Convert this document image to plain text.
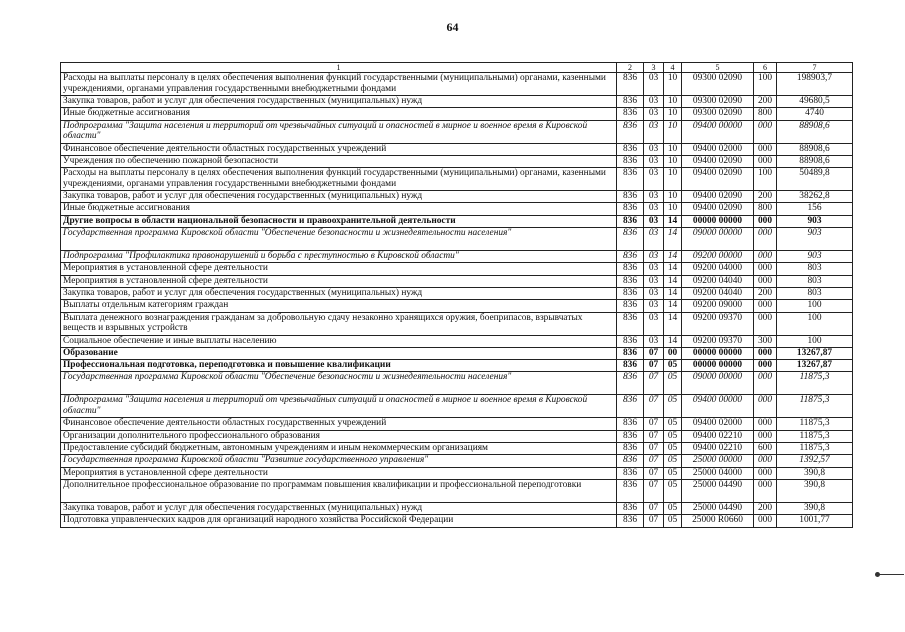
64
1	2	3	4	5	6	7
Расходы на выплаты персоналу в целях обеспечения выполнения функций государственными (муниципальными) органами, казенными учреждениями, органами управления государственными внебюджетными фондами	836	03	10	09300 02090	100	198903,7
Закупка товаров, работ и услуг для обеспечения государственных (муниципальных) нужд	836	03	10	09300 02090	200	49680,5
Иные бюджетные ассигнования	836	03	10	09300 02090	800	4740
Подпрограмма "Защита населения и территорий от чрезвычайных ситуаций и опасностей в мирное и военное время в Кировской области"	836	03	10	09400 00000	000	88908,6
Финансовое обеспечение деятельности областных государственных учреждений	836	03	10	09400 02000	000	88908,6
Учреждения по обеспечению пожарной безопасности	836	03	10	09400 02090	000	88908,6
Расходы на выплаты персоналу в целях обеспечения выполнения функций государственными (муниципальными) органами, казенными учреждениями, органами управления государственными внебюджетными фондами	836	03	10	09400 02090	100	50489,8
Закупка товаров, работ и услуг для обеспечения государственных (муниципальных) нужд	836	03	10	09400 02090	200	38262,8
Иные бюджетные ассигнования	836	03	10	09400 02090	800	156
Другие вопросы в области национальной безопасности и правоохранительной деятельности	836	03	14	00000 00000	000	903
Государственная программа Кировской области "Обеспечение безопасности и жизнедеятельности населения"	836	03	14	09000 00000	000	903
Подпрограмма "Профилактика правонарушений и борьба с преступностью в Кировской области"	836	03	14	09200 00000	000	903
Мероприятия в установленной сфере деятельности	836	03	14	09200 04000	000	803
Мероприятия в установленной сфере деятельности	836	03	14	09200 04040	000	803
Закупка товаров, работ и услуг для обеспечения государственных (муниципальных) нужд	836	03	14	09200 04040	200	803
Выплаты отдельным категориям граждан	836	03	14	09200 09000	000	100
Выплата денежного вознаграждения гражданам за добровольную сдачу незаконно хранящихся оружия, боеприпасов, взрывчатых веществ и взрывных устройств	836	03	14	09200 09370	000	100
Социальное обеспечение и иные выплаты населению	836	03	14	09200 09370	300	100
Образование	836	07	00	00000 00000	000	13267,87
Профессиональная подготовка, переподготовка и повышение квалификации	836	07	05	00000 00000	000	13267,87
Государственная программа Кировской области "Обеспечение безопасности и жизнедеятельности населения"	836	07	05	09000 00000	000	11875,3
Подпрограмма "Защита населения и территорий от чрезвычайных ситуаций и опасностей в мирное и военное время в Кировской области"	836	07	05	09400 00000	000	11875,3
Финансовое обеспечение деятельности областных государственных учреждений	836	07	05	09400 02000	000	11875,3
Организации дополнительного профессионального образования	836	07	05	09400 02210	000	11875,3
Предоставление субсидий бюджетным, автономным учреждениям и иным некоммерческим организациям	836	07	05	09400 02210	600	11875,3
Государственная программа Кировской области "Развитие государственного управления"	836	07	05	25000 00000	000	1392,57
Мероприятия в установленной сфере деятельности	836	07	05	25000 04000	000	390,8
Дополнительное профессиональное образование по программам повышения квалификации и профессиональной переподготовки	836	07	05	25000 04490	000	390,8
Закупка товаров, работ и услуг для обеспечения государственных (муниципальных) нужд	836	07	05	25000 04490	200	390,8
Подготовка управленческих кадров для организаций народного хозяйства Российской Федерации	836	07	05	25000 R0660	000	1001,77
